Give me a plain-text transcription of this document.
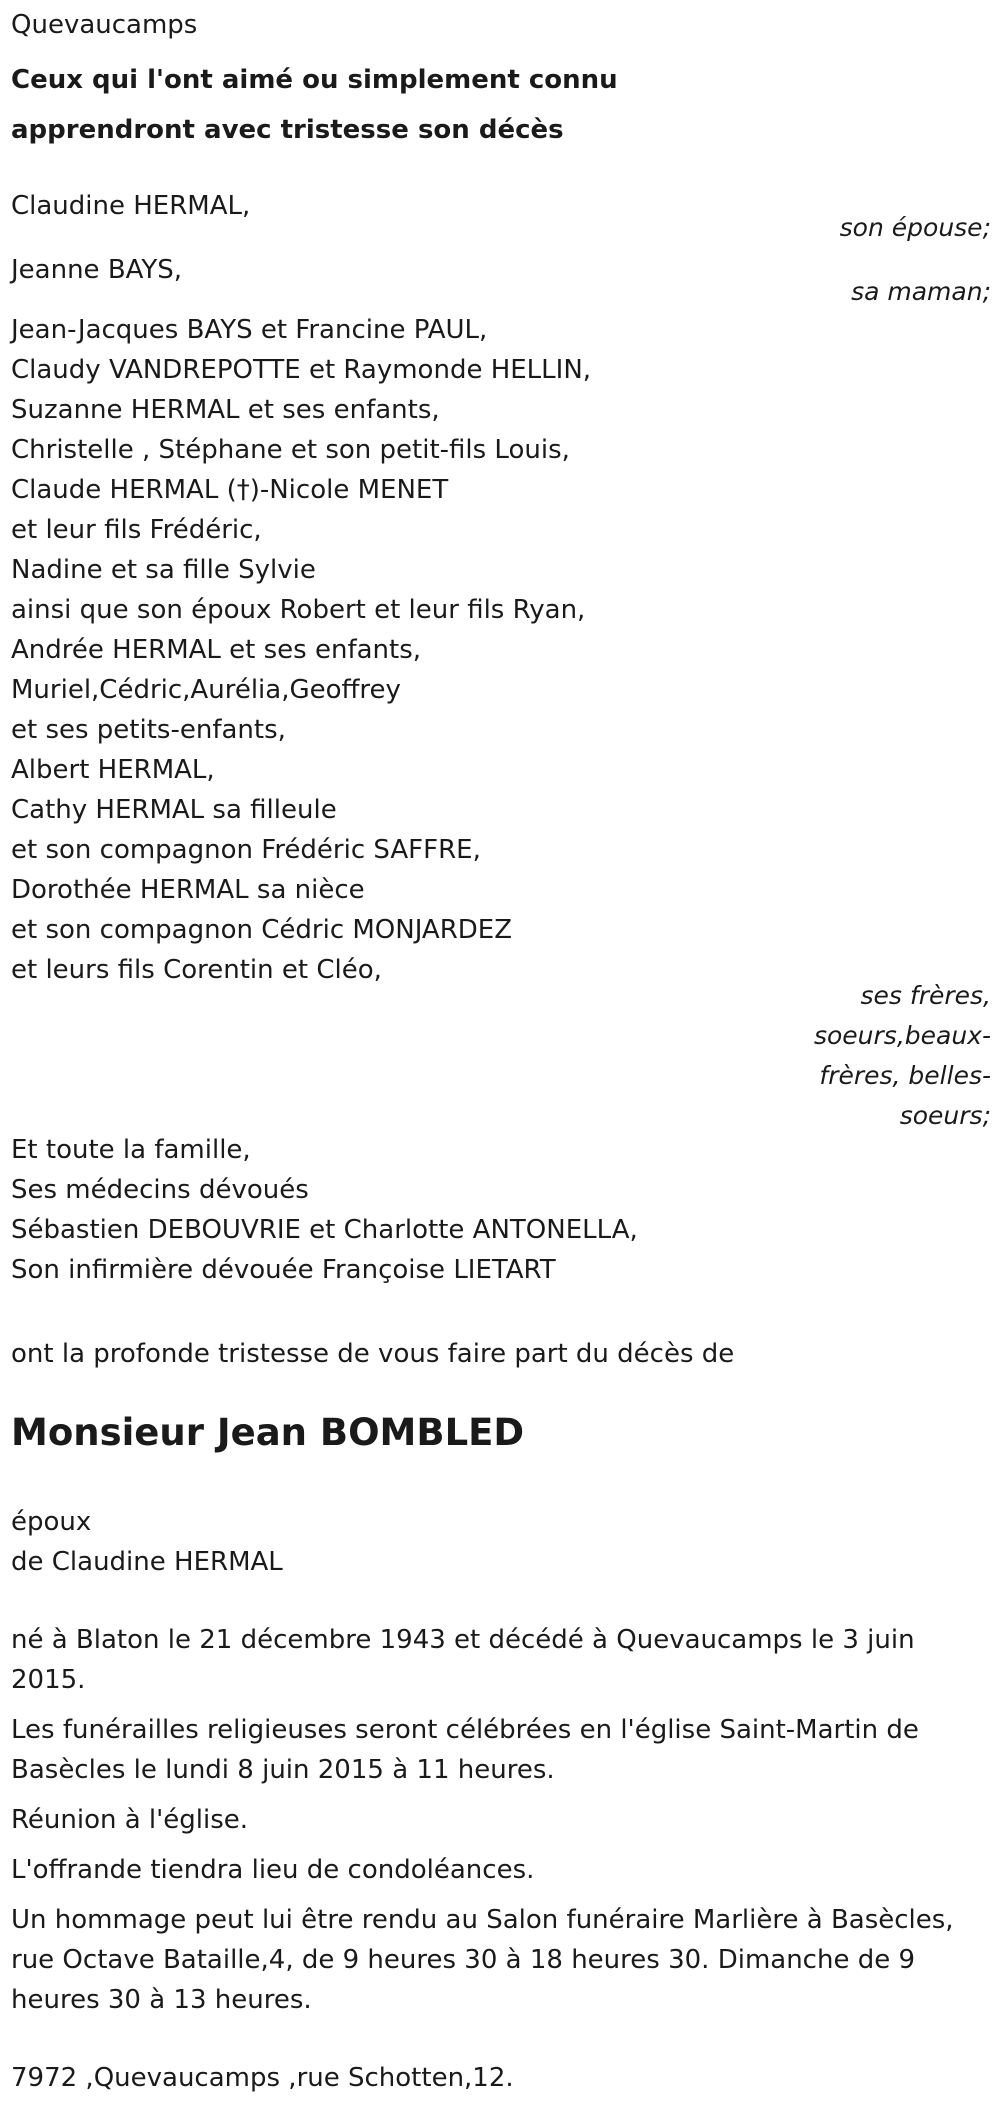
Quevaucamps
Ceux qui l'ont aimé ou simplement connu
apprendront avec tristesse son décès
Claudine HERMAL,
son épouse;
Jeanne BAYS,
sa maman;
Jean-Jacques BAYS et Francine PAUL,
Claudy VANDREPOTTE et Raymonde HELLIN,
Suzanne HERMAL et ses enfants,
Christelle , Stéphane et son petit-fils Louis,
Claude HERMAL (†)-Nicole MENET
et leur fils Frédéric,
Nadine et sa fille Sylvie
ainsi que son époux Robert et leur fils Ryan,
Andrée HERMAL et ses enfants,
Muriel,Cédric,Aurélia,Geoffrey
et ses petits-enfants,
Albert HERMAL,
Cathy HERMAL sa filleule
et son compagnon Frédéric SAFFRE,
Dorothée HERMAL sa nièce
et son compagnon Cédric MONJARDEZ
et leurs fils Corentin et Cléo,
ses frères,
soeurs,beaux-
frères, belles-
soeurs;
Et toute la famille,
Ses médecins dévoués
Sébastien DEBOUVRIE et Charlotte ANTONELLA,
Son infirmière dévouée Françoise LIETART
ont la profonde tristesse de vous faire part du décès de
Monsieur Jean BOMBLED
époux
de Claudine HERMAL

né à Blaton le 21 décembre 1943 et décédé à Quevaucamps le 3 juin 2015.

Les funérailles religieuses seront célébrées en l'église Saint-Martin de Basècles le lundi 8 juin 2015 à 11 heures.

Réunion à l'église.

L'offrande tiendra lieu de condoléances.

Un hommage peut lui être rendu au Salon funéraire Marlière à Basècles, rue Octave Bataille,4, de 9 heures 30 à 18 heures 30. Dimanche de 9 heures 30 à 13 heures.

7972 ,Quevaucamps ,rue Schotten,12.
